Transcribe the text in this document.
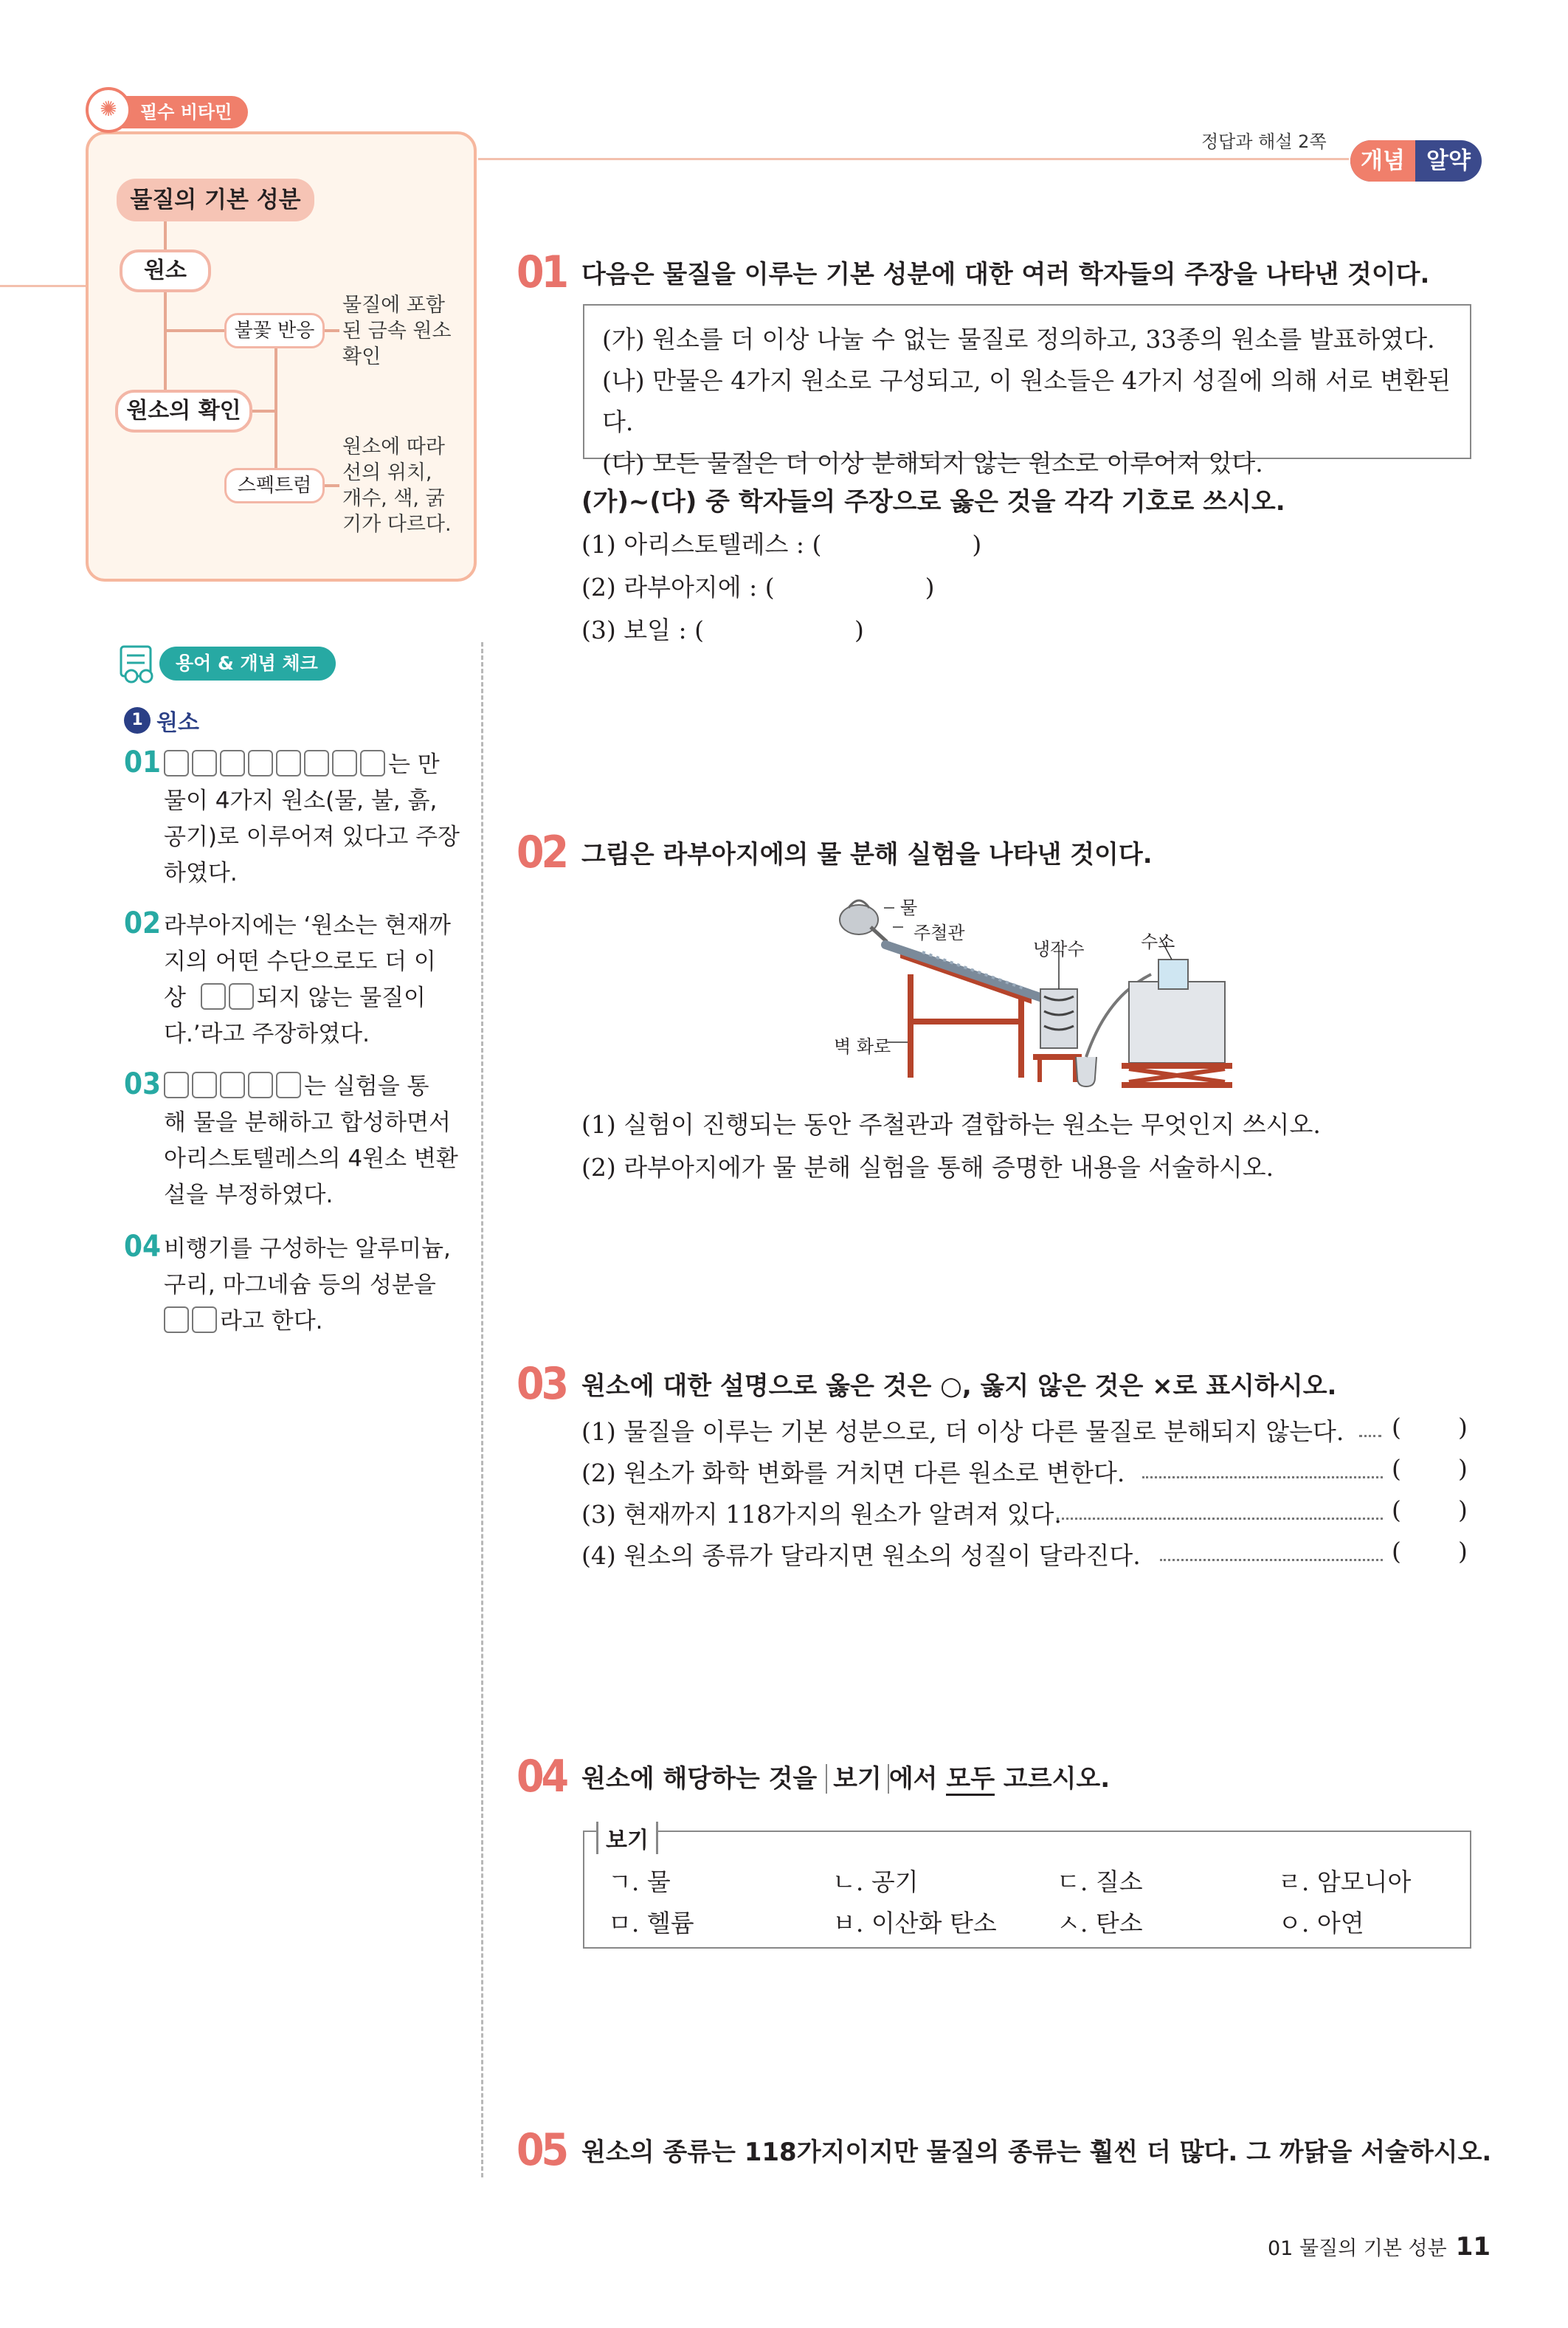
정답과 해설 2쪽
개념 알약
필수 비타민
✺
물질의 기본 성분
원소
원소의 확인
불꽃 반응
스펙트럼
물질에 포함
된 금속 원소
확인
원소에 따라
선의 위치,
개수, 색, 굵
기가 다르다.
용어 & 개념 체크
1 원소
01	는 만
물이 4가지 원소(물, 불, 흙,
공기)로 이루어져 있다고 주장
하였다.
02 라부아지에는 ‘원소는 현재까
지의 어떤 수단으로도 더 이
상	되지 않는 물질이
다.’라고 주장하였다.
03	는 실험을 통
해 물을 분해하고 합성하면서
아리스토텔레스의 4원소 변환
설을 부정하였다.
04 비행기를 구성하는 알루미늄,
구리, 마그네슘 등의 성분을
라고 한다.
01 다음은 물질을 이루는 기본 성분에 대한 여러 학자들의 주장을 나타낸 것이다.
(가) 원소를 더 이상 나눌 수 없는 물질로 정의하고, 33종의 원소를 발표하였다.
(나) 만물은 4가지 원소로 구성되고, 이 원소들은 4가지 성질에 의해 서로 변환된다.
(다) 모든 물질은 더 이상 분해되지 않는 원소로 이루어져 있다.
(가)~(다) 중 학자들의 주장으로 옳은 것을 각각 기호로 쓰시오.
(1) 아리스토텔레스 : (	)
(2) 라부아지에 : (	)
(3) 보일 : (	)
02 그림은 라부아지에의 물 분해 실험을 나타낸 것이다.
물
주철관
냉각수	수소
벽 화로
(1) 실험이 진행되는 동안 주철관과 결합하는 원소는 무엇인지 쓰시오.
(2) 라부아지에가 물 분해 실험을 통해 증명한 내용을 서술하시오.
03 원소에 대한 설명으로 옳은 것은 ○, 옳지 않은 것은 ×로 표시하시오.
(1) 물질을 이루는 기본 성분으로, 더 이상 다른 물질로 분해되지 않는다. ( )
(2) 원소가 화학 변화를 거치면 다른 원소로 변한다.	( )
(3) 현재까지 118가지의 원소가 알려져 있다.	( )
(4) 원소의 종류가 달라지면 원소의 성질이 달라진다.	( )
04 원소에 해당하는 것을 보기 에서 모두 고르시오.
보기
ㄱ. 물	ㄴ. 공기	ㄷ. 질소	ㄹ. 암모니아
ㅁ. 헬륨	ㅂ. 이산화 탄소 ㅅ. 탄소	ㅇ. 아연
05 원소의 종류는 118가지이지만 물질의 종류는 훨씬 더 많다. 그 까닭을 서술하시오.
01 물질의 기본 성분 11
